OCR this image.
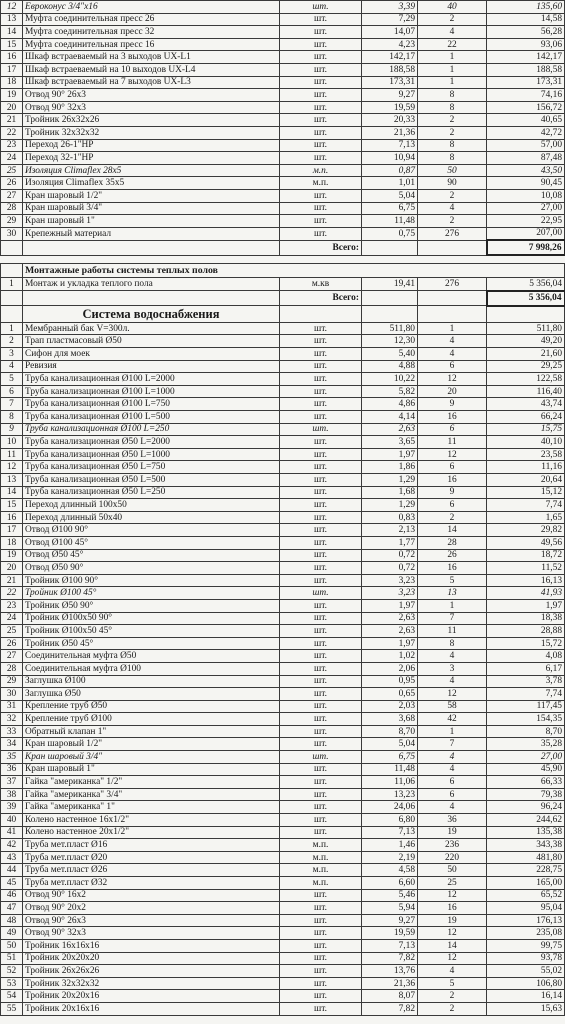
12	Евроконус 3/4"x16	шт.	3,39	40	135,60
13	Муфта соединительная пресс 26	шт.	7,29	2	14,58
14	Муфта соединительная пресс 32	шт.	14,07	4	56,28
15	Муфта соединительная пресс 16	шт.	4,23	22	93,06
16	Шкаф встраеваемый на 3 выходов UX-L1	шт.	142,17	1	142,17
17	Шкаф встраеваемый на 10 выходов UX-L4	шт.	188,58	1	188,58
18	Шкаф встраеваемый на 7 выходов UX-L3	шт.	173,31	1	173,31
19	Отвод 90° 26x3	шт.	9,27	8	74,16
20	Отвод 90° 32x3	шт.	19,59	8	156,72
21	Тройник 26x32x26	шт.	20,33	2	40,65
22	Тройник 32x32x32	шт.	21,36	2	42,72
23	Переход 26-1"HP	шт.	7,13	8	57,00
24	Переход 32-1"HP	шт.	10,94	8	87,48
25	Изоляция Climaflex 28x5	м.п.	0,87	50	43,50
26	Изоляция Climaflex 35x5	м.п.	1,01	90	90,45
27	Кран шаровый 1/2"	шт.	5,04	2	10,08
28	Кран шаровый 3/4"	шт.	6,75	4	27,00
29	Кран шаровый 1"	шт.	11,48	2	22,95
30	Крепежный материал	шт.	0,75	276	207,00
		Всего:			7 998,26

	Монтажные работы системы теплых полов				
1	Монтаж и укладка теплого пола	м.кв	19,41	276	5 356,04
		Всего:			5 356,04
	Система водоснабжения				
1	Мембранный бак V=300л.	шт.	511,80	1	511,80
2	Трап пластмасовый Ø50	шт.	12,30	4	49,20
3	Сифон для моек	шт.	5,40	4	21,60
4	Ревизия	шт.	4,88	6	29,25
5	Труба канализационная Ø100 L=2000	шт.	10,22	12	122,58
6	Труба канализационная Ø100 L=1000	шт.	5,82	20	116,40
7	Труба канализационная Ø100 L=750	шт.	4,86	9	43,74
8	Труба канализационная Ø100 L=500	шт.	4,14	16	66,24
9	Труба канализационная Ø100 L=250	шт.	2,63	6	15,75
10	Труба канализационная Ø50 L=2000	шт.	3,65	11	40,10
11	Труба канализационная Ø50 L=1000	шт.	1,97	12	23,58
12	Труба канализационная Ø50 L=750	шт.	1,86	6	11,16
13	Труба канализационная Ø50 L=500	шт.	1,29	16	20,64
14	Труба канализационная Ø50 L=250	шт.	1,68	9	15,12
15	Переход длинный 100x50	шт.	1,29	6	7,74
16	Переход длинный 50x40	шт.	0,83	2	1,65
17	Отвод Ø100 90°	шт.	2,13	14	29,82
18	Отвод Ø100 45°	шт.	1,77	28	49,56
19	Отвод Ø50 45°	шт.	0,72	26	18,72
20	Отвод Ø50 90°	шт.	0,72	16	11,52
21	Тройник Ø100 90°	шт.	3,23	5	16,13
22	Тройник Ø100 45°	шт.	3,23	13	41,93
23	Тройник Ø50 90°	шт.	1,97	1	1,97
24	Тройник Ø100x50 90°	шт.	2,63	7	18,38
25	Тройник Ø100x50 45°	шт.	2,63	11	28,88
26	Тройник Ø50 45°	шт.	1,97	8	15,72
27	Соединительная муфта Ø50	шт.	1,02	4	4,08
28	Соединительная муфта Ø100	шт.	2,06	3	6,17
29	Заглушка Ø100	шт.	0,95	4	3,78
30	Заглушка Ø50	шт.	0,65	12	7,74
31	Крепление труб Ø50	шт.	2,03	58	117,45
32	Крепление труб Ø100	шт.	3,68	42	154,35
33	Обратный клапан 1"	шт.	8,70	1	8,70
34	Кран шаровый 1/2"	шт.	5,04	7	35,28
35	Кран шаровый 3/4"	шт.	6,75	4	27,00
36	Кран шаровый 1"	шт.	11,48	4	45,90
37	Гайка "американка" 1/2"	шт.	11,06	6	66,33
38	Гайка "американка" 3/4"	шт.	13,23	6	79,38
39	Гайка "американка" 1"	шт.	24,06	4	96,24
40	Колено настенное 16x1/2"	шт.	6,80	36	244,62
41	Колено настенное 20x1/2"	шт.	7,13	19	135,38
42	Труба мет.пласт Ø16	м.п.	1,46	236	343,38
43	Труба мет.пласт Ø20	м.п.	2,19	220	481,80
44	Труба мет.пласт Ø26	м.п.	4,58	50	228,75
45	Труба мет.пласт Ø32	м.п.	6,60	25	165,00
46	Отвод 90° 16x2	шт.	5,46	12	65,52
47	Отвод 90° 20x2	шт.	5,94	16	95,04
48	Отвод 90° 26x3	шт.	9,27	19	176,13
49	Отвод 90° 32x3	шт.	19,59	12	235,08
50	Тройник 16x16x16	шт.	7,13	14	99,75
51	Тройник 20x20x20	шт.	7,82	12	93,78
52	Тройник 26x26x26	шт.	13,76	4	55,02
53	Тройник 32x32x32	шт.	21,36	5	106,80
54	Тройник 20x20x16	шт.	8,07	2	16,14
55	Тройник 20x16x16	шт.	7,82	2	15,63
